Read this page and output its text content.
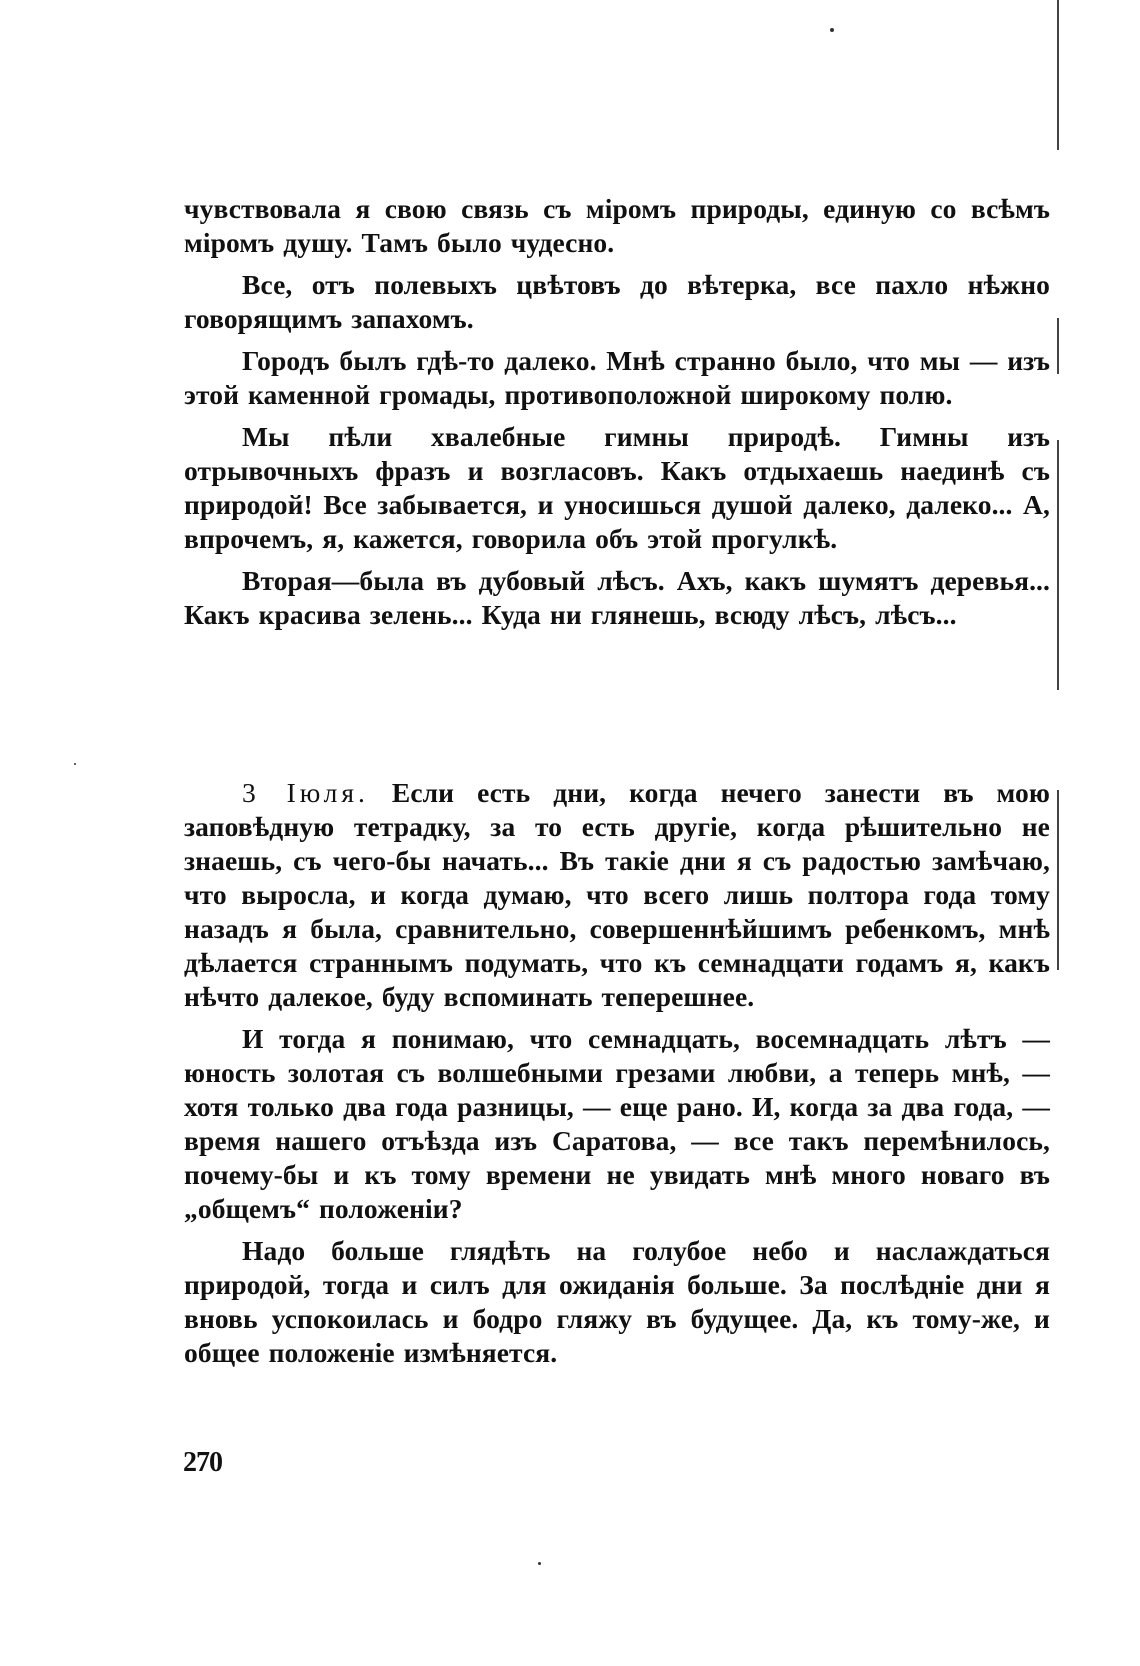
чувствовала я свою связь съ міромъ природы, единую со всѣмъ міромъ душу. Тамъ было чудесно.

Все, отъ полевыхъ цвѣтовъ до вѣтерка, все пахло нѣжно говорящимъ запахомъ.

Городъ былъ гдѣ-то далеко. Мнѣ странно было, что мы — изъ этой каменной громады, противоположной широкому полю.

Мы пѣли хвалебные гимны природѣ. Гимны изъ отрывочныхъ фразъ и возгласовъ. Какъ отдыхаешь наединѣ съ природой! Все забывается, и уносишься душой далеко, далеко... А, впрочемъ, я, кажется, говорила объ этой прогулкѣ.

Вторая—была въ дубовый лѣсъ. Ахъ, какъ шумятъ деревья... Какъ красива зелень... Куда ни глянешь, всюду лѣсъ, лѣсъ...

3 Іюля. Если есть дни, когда нечего занести въ мою заповѣдную тетрадку, за то есть другіе, когда рѣшительно не знаешь, съ чего-бы начать... Въ такіе дни я съ радостью замѣчаю, что выросла, и когда думаю, что всего лишь полтора года тому назадъ я была, сравнительно, совершеннѣйшимъ ребенкомъ, мнѣ дѣлается страннымъ подумать, что къ семнадцати годамъ я, какъ нѣчто далекое, буду вспоминать теперешнее.

И тогда я понимаю, что семнадцать, восемнадцать лѣтъ — юность золотая съ волшебными грезами любви, а теперь мнѣ, — хотя только два года разницы, — еще рано. И, когда за два года, — время нашего отъѣзда изъ Саратова, — все такъ перемѣнилось, почему-бы и къ тому времени не увидать мнѣ много новаго въ „общемъ“ положеніи?

Надо больше глядѣть на голубое небо и наслаждаться природой, тогда и силъ для ожиданія больше. За послѣдніе дни я вновь успокоилась и бодро гляжу въ будущее. Да, къ тому-же, и общее положеніе измѣняется.

270
